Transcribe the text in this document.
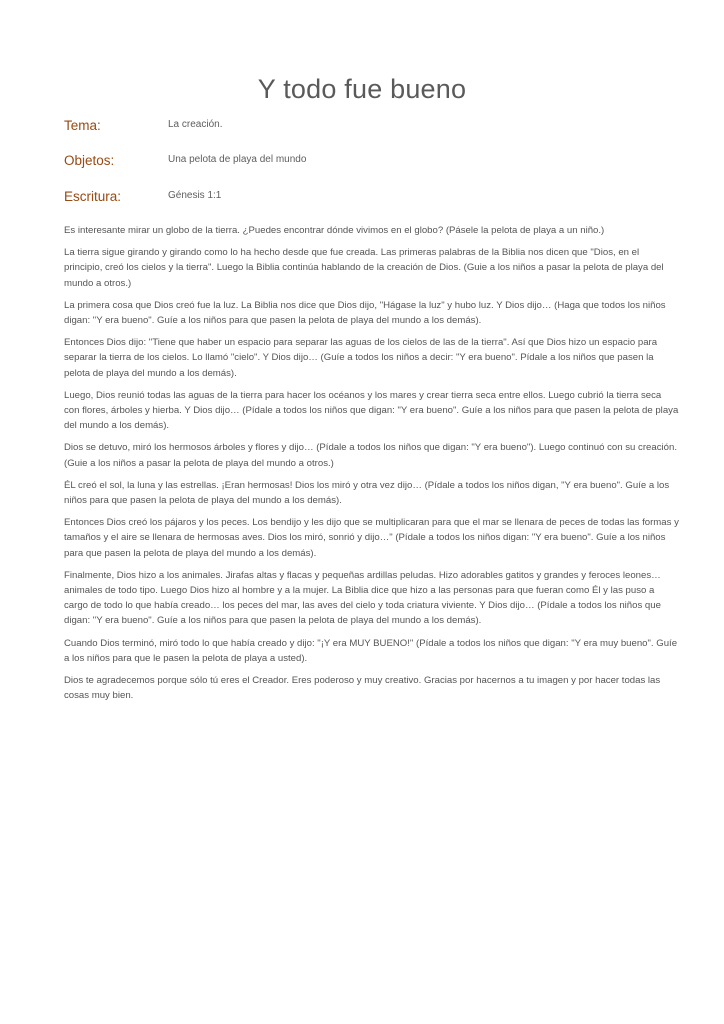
Y todo fue bueno
Tema:	La creación.
Objetos:	Una pelota de playa del mundo
Escritura:	Génesis 1:1

Es interesante mirar un globo de la tierra. ¿Puedes encontrar dónde vivimos en el globo? (Pásele la pelota de playa a un niño.)

La tierra sigue girando y girando como lo ha hecho desde que fue creada. Las primeras palabras de la Biblia nos dicen que "Dios, en el principio, creó los cielos y la tierra". Luego la Biblia continúa hablando de la creación de Dios. (Guie a los niños a pasar la pelota de playa del mundo a otros.)

La primera cosa que Dios creó fue la luz. La Biblia nos dice que Dios dijo, "Hágase la luz" y hubo luz. Y Dios dijo… (Haga que todos los niños digan: "Y era bueno". Guíe a los niños para que pasen la pelota de playa del mundo a los demás).

Entonces Dios dijo: "Tiene que haber un espacio para separar las aguas de los cielos de las de la tierra". Así que Dios hizo un espacio para separar la tierra de los cielos. Lo llamó "cielo". Y Dios dijo… (Guíe a todos los niños a decir: "Y era bueno". Pídale a los niños que pasen la pelota de playa del mundo a los demás).

Luego, Dios reunió todas las aguas de la tierra para hacer los océanos y los mares y crear tierra seca entre ellos. Luego cubrió la tierra seca con flores, árboles y hierba. Y Dios dijo… (Pídale a todos los niños que digan: "Y era bueno". Guíe a los niños para que pasen la pelota de playa del mundo a los demás).

Dios se detuvo, miró los hermosos árboles y flores y dijo… (Pídale a todos los niños que digan: "Y era bueno"). Luego continuó con su creación. (Guie a los niños a pasar la pelota de playa del mundo a otros.)

ÉL creó el sol, la luna y las estrellas. ¡Eran hermosas! Dios los miró y otra vez dijo… (Pídale a todos los niños digan, "Y era bueno". Guíe a los niños para que pasen la pelota de playa del mundo a los demás).

Entonces Dios creó los pájaros y los peces. Los bendijo y les dijo que se multiplicaran para que el mar se llenara de peces de todas las formas y tamaños y el aire se llenara de hermosas aves. Dios los miró, sonrió y dijo…" (Pídale a todos los niños digan: "Y era bueno". Guíe a los niños para que pasen la pelota de playa del mundo a los demás).

Finalmente, Dios hizo a los animales. Jirafas altas y flacas y pequeñas ardillas peludas. Hizo adorables gatitos y grandes y feroces leones… animales de todo tipo. Luego Dios hizo al hombre y a la mujer. La Biblia dice que hizo a las personas para que fueran como Él y las puso a cargo de todo lo que había creado… los peces del mar, las aves del cielo y toda criatura viviente. Y Dios dijo… (Pídale a todos los niños que digan: "Y era bueno". Guíe a los niños para que pasen la pelota de playa del mundo a los demás).

Cuando Dios terminó, miró todo lo que había creado y dijo: "¡Y era MUY BUENO!" (Pídale a todos los niños que digan: "Y era muy bueno". Guíe a los niños para que le pasen la pelota de playa a usted).

Dios te agradecemos porque sólo tú eres el Creador. Eres poderoso y muy creativo. Gracias por hacernos a tu imagen y por hacer todas las cosas muy bien.
